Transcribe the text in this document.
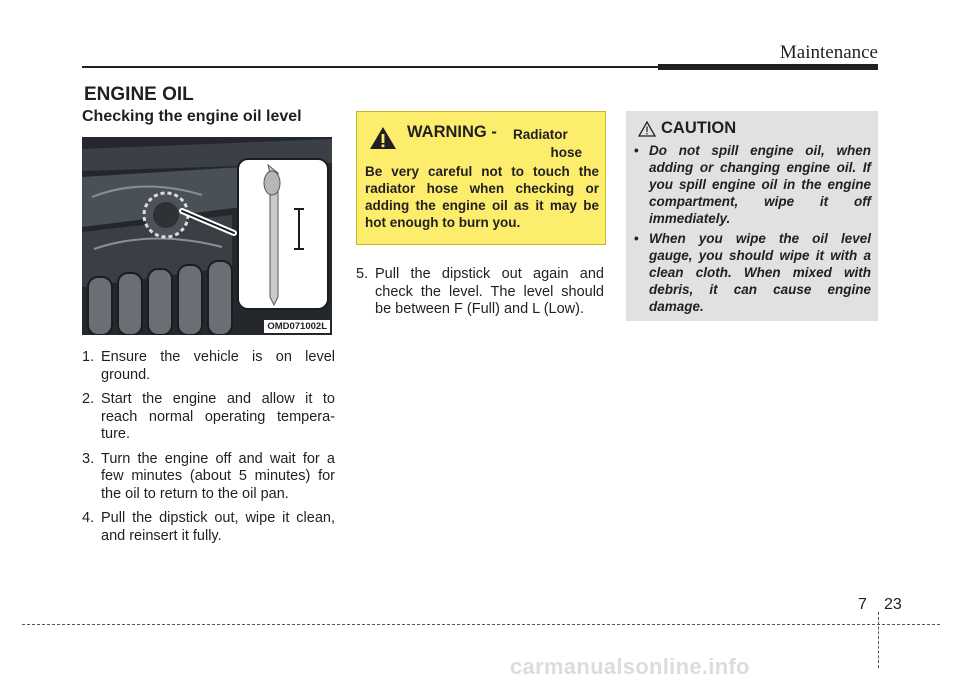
Maintenance
ENGINE OIL
Checking the engine oil level
OMD071002L
1. Ensure the vehicle is on level ground.
2. Start the engine and allow it to reach normal operating tempera-ture.
3. Turn the engine off and wait for a few minutes (about 5 minutes) for the oil to return to the oil pan.
4. Pull the dipstick out, wipe it clean, and reinsert it fully.
WARNING - Radiator
hose
Be very careful not to touch the radiator hose when checking or adding the engine oil as it may be hot enough to burn you.
5. Pull the dipstick out again and check the level. The level should be between F (Full) and L (Low).
CAUTION
• Do not spill engine oil, when adding or changing engine oil. If you spill engine oil in the engine compartment, wipe it off immediately.
• When you wipe the oil level gauge, you should wipe it with a clean cloth. When mixed with debris, it can cause engine damage.
7 23
carmanualsonline.info
